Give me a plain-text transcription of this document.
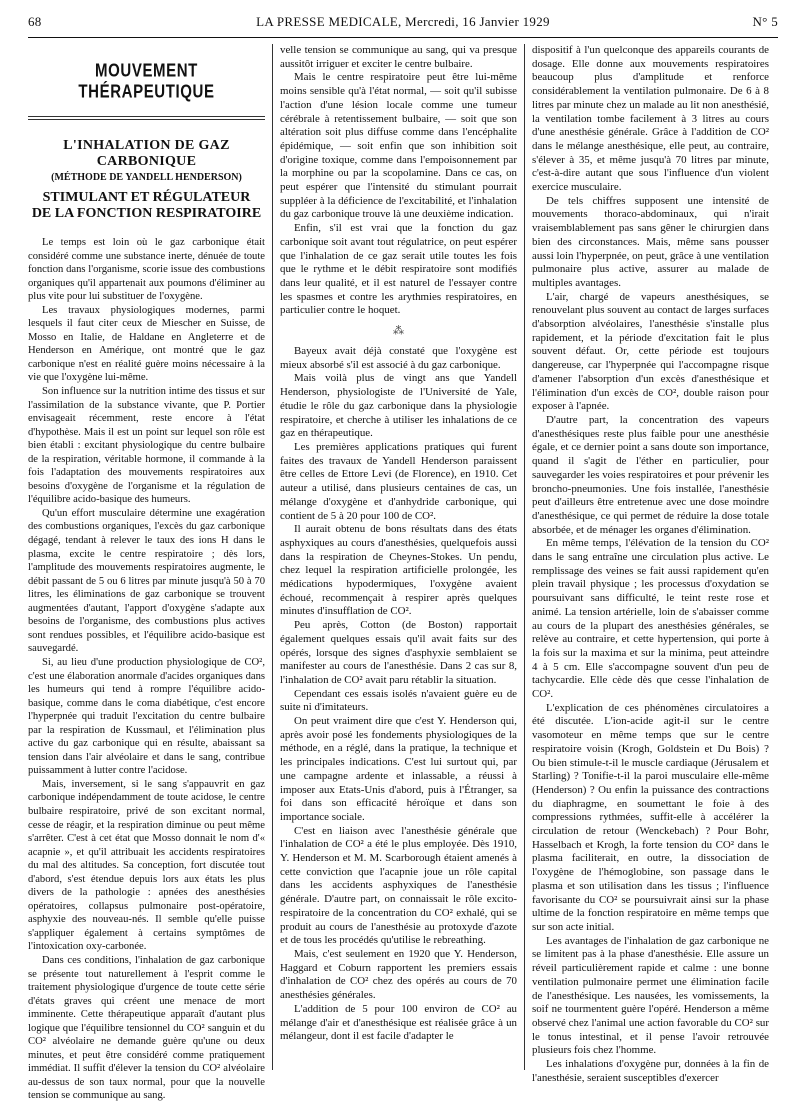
68	LA PRESSE MEDICALE, Mercredi, 16 Janvier 1929	N° 5
MOUVEMENT THÉRAPEUTIQUE
L'INHALATION DE GAZ CARBONIQUE
(MÉTHODE DE YANDELL HENDERSON)
STIMULANT ET RÉGULATEUR
DE LA FONCTION RESPIRATOIRE

Le temps est loin où le gaz carbonique était considéré comme une substance inerte, dénuée de toute fonction dans l'organisme, scorie issue des combustions organiques qu'il appartenait aux poumons d'éliminer au plus vite pour lui substituer de l'oxygène.

Les travaux physiologiques modernes, parmi lesquels il faut citer ceux de Miescher en Suisse, de Mosso en Italie, de Haldane en Angleterre et de Henderson en Amérique, ont montré que le gaz carbonique n'est en réalité guère moins nécessaire à la vie que l'oxygène lui-même.

Son influence sur la nutrition intime des tissus et sur l'assimilation de la substance vivante, que P. Portier envisageait récemment, reste encore à l'état d'hypothèse. Mais il est un point sur lequel son rôle est bien établi : excitant physiologique du centre bulbaire de la respiration, véritable hormone, il commande à la fois l'adaptation des mouvements respiratoires aux besoins d'oxygène de l'organisme et la régulation de l'équilibre acido-basique des humeurs.

Qu'un effort musculaire détermine une exagération des combustions organiques, l'excès du gaz carbonique dégagé, tendant à relever le taux des ions H dans le plasma, excite le centre respiratoire ; dès lors, l'amplitude des mouvements respiratoires augmente, le débit passant de 5 ou 6 litres par minute jusqu'à 50 à 70 litres, les éliminations de gaz carbonique se trouvent augmentées d'autant, l'apport d'oxygène s'adapte aux besoins de l'organisme, des combustions plus actives sont rendues possibles, et l'équilibre acido-basique est sauvegardé.

Si, au lieu d'une production physiologique de CO², c'est une élaboration anormale d'acides organiques dans les humeurs qui tend à rompre l'équilibre acido-basique, comme dans le coma diabétique, c'est encore l'hyperpnée qui traduit l'excitation du centre bulbaire par la respiration de Kussmaul, et l'élimination plus active du gaz carbonique qui en résulte, abaissant sa tension dans l'air alvéolaire et dans le sang, contribue puissamment à lutter contre l'acidose.

Mais, inversement, si le sang s'appauvrit en gaz carbonique indépendamment de toute acidose, le centre bulbaire respiratoire, privé de son excitant normal, cesse de réagir, et la respiration diminue ou peut même s'arrêter. C'est à cet état que Mosso donnait le nom d'« acapnie », et qu'il attribuait les accidents respiratoires du mal des altitudes. Sa conception, fort discutée tout d'abord, s'est étendue depuis lors aux états les plus divers de la pathologie : apnées des anesthésies opératoires, collapsus pulmonaire post-opératoire, asphyxie des nouveau-nés. Il semble qu'elle puisse s'appliquer également à certains symptômes de l'intoxication oxy-carbonée.

Dans ces conditions, l'inhalation de gaz carbonique se présente tout naturellement à l'esprit comme le traitement physiologique d'urgence de toute cette série d'états graves qui créent une menace de mort imminente. Cette thérapeutique apparaît d'autant plus logique que l'équilibre tensionnel du CO² sanguin et du CO² alvéolaire ne demande guère qu'une ou deux minutes, et peut être considéré comme pratiquement immédiat. Il suffit d'élever la tension du CO² alvéolaire au-dessus de son taux normal, pour que la nouvelle tension se communique au sang.

velle tension se communique au sang, qui va presque aussitôt irriguer et exciter le centre bulbaire.

Mais le centre respiratoire peut être lui-même moins sensible qu'à l'état normal, — soit qu'il subisse l'action d'une lésion locale comme une tumeur cérébrale à retentissement bulbaire, — soit que son altération soit plus diffuse comme dans l'encéphalite épidémique, — soit enfin que son inhibition soit d'origine toxique, comme dans l'empoisonnement par la morphine ou par la scopolamine. Dans ce cas, on peut espérer que l'intensité du stimulant pourrait suppléer à la déficience de l'excitabilité, et l'inhalation du gaz carbonique trouve là une deuxième indication.

Enfin, s'il est vrai que la fonction du gaz carbonique soit avant tout régulatrice, on peut espérer que l'inhalation de ce gaz serait utile toutes les fois que le rythme et le débit respiratoire sont modifiés dans leur qualité, et il est naturel de l'essayer contre les spasmes et contre les arythmies respiratoires, en particulier contre le hoquet.

⁂

Bayeux avait déjà constaté que l'oxygène est mieux absorbé s'il est associé à du gaz carbonique.

Mais voilà plus de vingt ans que Yandell Henderson, physiologiste de l'Université de Yale, étudie le rôle du gaz carbonique dans la physiologie respiratoire, et cherche à utiliser les inhalations de ce gaz en thérapeutique.

Les premières applications pratiques qui furent faites des travaux de Yandell Henderson paraissent être celles de Ettore Levi (de Florence), en 1910. Cet auteur a utilisé, dans plusieurs centaines de cas, un mélange d'oxygène et d'anhydride carbonique, qui contient de 5 à 20 pour 100 de CO².

Il aurait obtenu de bons résultats dans des états asphyxiques au cours d'anesthésies, quelquefois aussi dans la respiration de Cheynes-Stokes. Un pendu, chez lequel la respiration artificielle prolongée, les médications hypodermiques, l'oxygène avaient échoué, recommençait à respirer après quelques minutes d'insufflation de CO².

Peu après, Cotton (de Boston) rapportait également quelques essais qu'il avait faits sur des opérés, lorsque des signes d'asphyxie semblaient se manifester au cours de l'anesthésie. Dans 2 cas sur 8, l'inhalation de CO² avait paru rétablir la situation.

Cependant ces essais isolés n'avaient guère eu de suite ni d'imitateurs.

On peut vraiment dire que c'est Y. Henderson qui, après avoir posé les fondements physiologiques de la méthode, en a réglé, dans la pratique, la technique et les principales indications. C'est lui surtout qui, par une campagne ardente et inlassable, a réussi à imposer aux Etats-Unis d'abord, puis à l'Étranger, sa foi dans son efficacité héroïque et dans son importance sociale.

C'est en liaison avec l'anesthésie générale que l'inhalation de CO² a été le plus employée. Dès 1910, Y. Henderson et M. M. Scarborough étaient amenés à cette conviction que l'acapnie joue un rôle capital dans les accidents asphyxiques de l'anesthésie générale. D'autre part, on connaissait le rôle excito-respiratoire de la concentration du CO² exhalé, qui se produit au cours de l'anesthésie au protoxyde d'azote et de tous les procédés qu'utilise le rebreathing.

Mais, c'est seulement en 1920 que Y. Henderson, Haggard et Coburn rapportent les premiers essais d'inhalation de CO² chez des opérés au cours de 70 anesthésies générales.

L'addition de 5 pour 100 environ de CO² au mélange d'air et d'anesthésique est réalisée grâce à un mélangeur, dont il est facile d'adapter le

dispositif à l'un quelconque des appareils courants de dosage. Elle donne aux mouvements respiratoires beaucoup plus d'amplitude et renforce considérablement la ventilation pulmonaire. De 6 à 8 litres par minute chez un malade au lit non anesthésié, la ventilation tombe facilement à 3 litres au cours d'une anesthésie générale. Grâce à l'addition de CO² dans le mélange anesthésique, elle peut, au contraire, s'élever à 35, et même jusqu'à 70 litres par minute, c'est-à-dire autant que sous l'influence d'un violent exercice musculaire.

De tels chiffres supposent une intensité de mouvements thoraco-abdominaux, qui n'irait vraisemblablement pas sans gêner le chirurgien dans bien des circonstances. Mais, même sans pousser aussi loin l'hyperpnée, on peut, grâce à une ventilation pulmonaire plus active, assurer au malade de multiples avantages.

L'air, chargé de vapeurs anesthésiques, se renouvelant plus souvent au contact de larges surfaces d'absorption alvéolaires, l'anesthésie s'installe plus rapidement, et la période d'excitation fait le plus souvent défaut. Or, cette période est toujours dangereuse, car l'hyperpnée qui l'accompagne risque d'amener l'absorption d'un excès d'anesthésique et l'élimination d'un excès de CO², double raison pour exposer à l'apnée.

D'autre part, la concentration des vapeurs d'anesthésiques reste plus faible pour une anesthésie égale, et ce dernier point a sans doute son importance, quand il s'agit de l'éther en particulier, pour sauvegarder les voies respiratoires et pour prévenir les broncho-pneumonies. Une fois installée, l'anesthésie peut d'ailleurs être entretenue avec une dose moindre d'anesthésique, ce qui permet de réduire la dose totale absorbée, et de ménager les organes d'élimination.

En même temps, l'élévation de la tension du CO² dans le sang entraîne une circulation plus active. Le remplissage des veines se fait aussi rapidement qu'en plein travail physique ; les processus d'oxydation se poursuivant sans difficulté, le teint reste rose et animé. La tension artérielle, loin de s'abaisser comme au cours de la plupart des anesthésies générales, se relève au contraire, et cette hypertension, qui porte à la fois sur la maxima et sur la minima, peut atteindre 4 à 5 cm. Elle s'accompagne souvent d'un peu de tachycardie. Elle cède dès que cesse l'inhalation de CO².

L'explication de ces phénomènes circulatoires a été discutée. L'ion-acide agit-il sur le centre vasomoteur en même temps que sur le centre respiratoire voisin (Krogh, Goldstein et Du Bois) ? Ou bien stimule-t-il le muscle cardiaque (Jérusalem et Starling) ? Tonifie-t-il la paroi musculaire elle-même (Henderson) ? Ou enfin la puissance des contractions du diaphragme, en soumettant le foie à des compressions rythmées, suffit-elle à accélérer la circulation de retour (Wenckebach) ? Pour Bohr, Hasselbach et Krogh, la forte tension du CO² dans le plasma faciliterait, en outre, la dissociation de l'oxygène de l'hémoglobine, son passage dans le plasma et son utilisation dans les tissus ; l'influence favorisante du CO² se poursuivrait ainsi sur la phase ultime de la fonction respiratoire en même temps que sur son acte initial.

Les avantages de l'inhalation de gaz carbonique ne se limitent pas à la phase d'anesthésie. Elle assure un réveil particulièrement rapide et calme : une bonne ventilation pulmonaire permet une élimination facile de l'anesthésique. Les nausées, les vomissements, la soif ne tourmentent guère l'opéré. Henderson a même observé chez l'animal une action favorable du CO² sur le tonus intestinal, et il pense l'avoir retrouvée plusieurs fois chez l'homme.

Les inhalations d'oxygène pur, données à la fin de l'anesthésie, seraient susceptibles d'exercer
